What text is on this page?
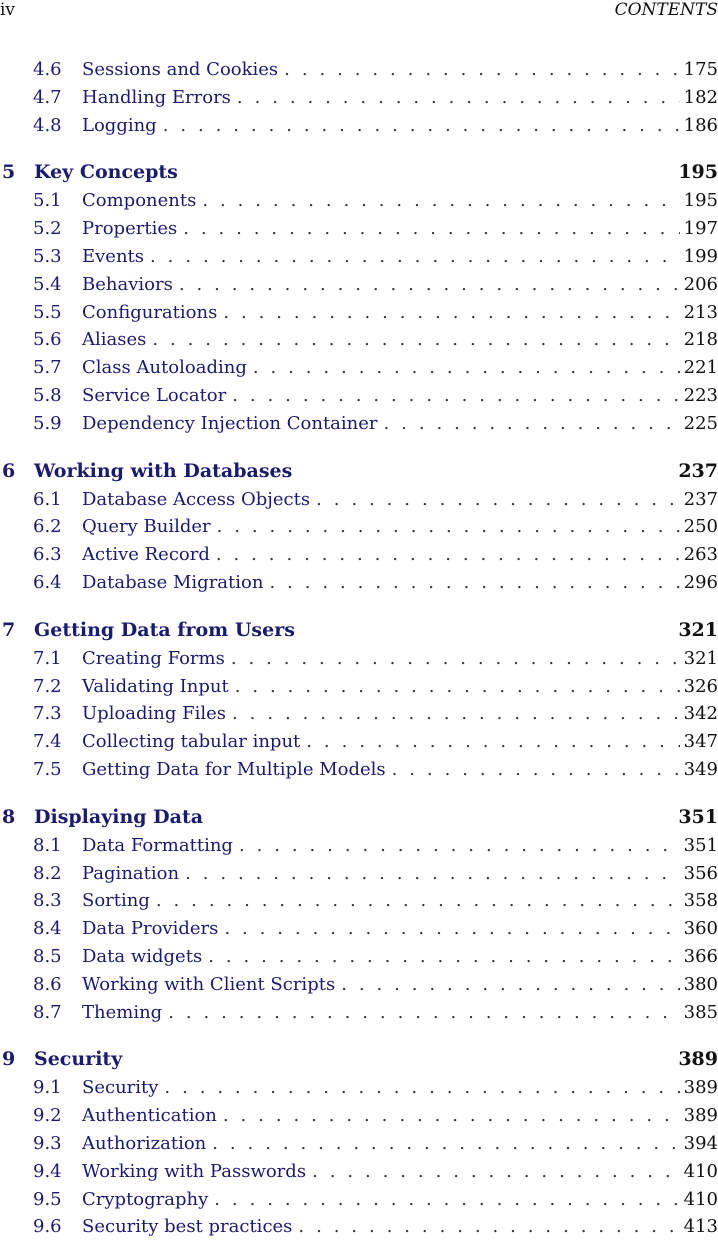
iv	CONTENTS
4.6	Sessions and Cookies . . .	175
4.7	Handling Errors . . .	182
4.8	Logging . . .	186
5 Key Concepts	195
5.1	Components . . .	195
5.2	Properties . . .	197
5.3	Events . . .	199
5.4	Behaviors . . .	206
5.5	Configurations . . .	213
5.6	Aliases . . .	218
5.7	Class Autoloading . . .	221
5.8	Service Locator . . .	223
5.9	Dependency Injection Container . . .	225
6 Working with Databases	237
6.1	Database Access Objects . . .	237
6.2	Query Builder . . .	250
6.3	Active Record . . .	263
6.4	Database Migration . . .	296
7 Getting Data from Users	321
7.1	Creating Forms . . .	321
7.2	Validating Input . . .	326
7.3	Uploading Files . . .	342
7.4	Collecting tabular input . . .	347
7.5	Getting Data for Multiple Models . . .	349
8 Displaying Data	351
8.1	Data Formatting . . .	351
8.2	Pagination . . .	356
8.3	Sorting . . .	358
8.4	Data Providers . . .	360
8.5	Data widgets . . .	366
8.6	Working with Client Scripts . . .	380
8.7	Theming . . .	385
9 Security	389
9.1	Security . . .	389
9.2	Authentication . . .	389
9.3	Authorization . . .	394
9.4	Working with Passwords . . .	410
9.5	Cryptography . . .	410
9.6	Security best practices . . .	413
